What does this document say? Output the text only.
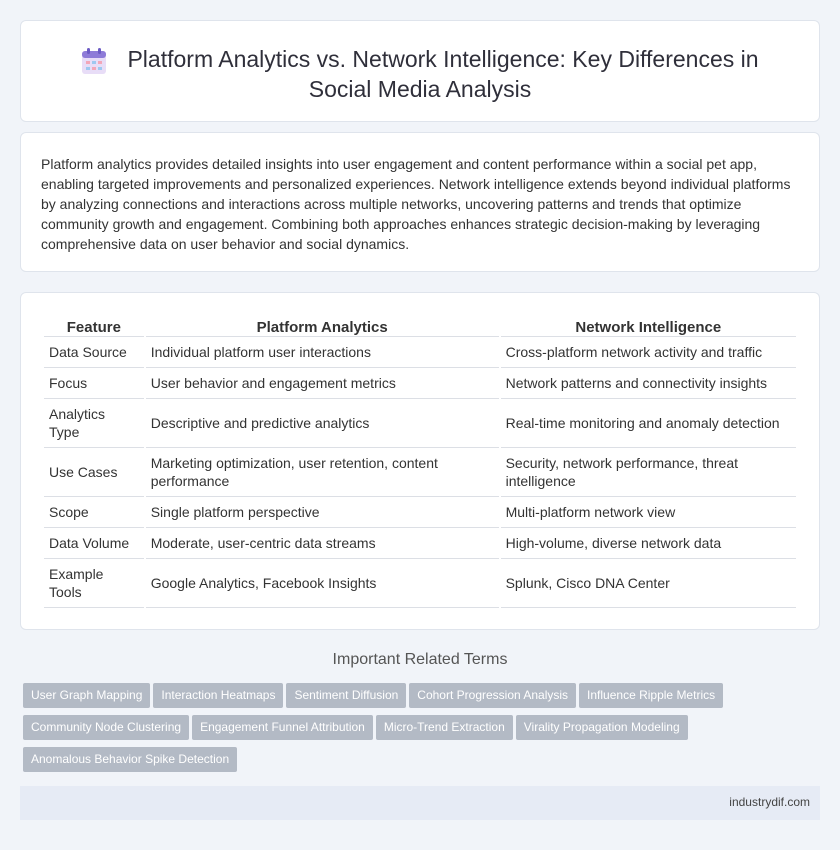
Platform Analytics vs. Network Intelligence: Key Differences in Social Media Analysis

Platform analytics provides detailed insights into user engagement and content performance within a social pet app, enabling targeted improvements and personalized experiences. Network intelligence extends beyond individual platforms by analyzing connections and interactions across multiple networks, uncovering patterns and trends that optimize community growth and engagement. Combining both approaches enhances strategic decision-making by leveraging comprehensive data on user behavior and social dynamics.

Feature	Platform Analytics	Network Intelligence
Data Source	Individual platform user interactions	Cross-platform network activity and traffic
Focus	User behavior and engagement metrics	Network patterns and connectivity insights
Analytics Type	Descriptive and predictive analytics	Real-time monitoring and anomaly detection
Use Cases	Marketing optimization, user retention, content performance	Security, network performance, threat intelligence
Scope	Single platform perspective	Multi-platform network view
Data Volume	Moderate, user-centric data streams	High-volume, diverse network data
Example Tools	Google Analytics, Facebook Insights	Splunk, Cisco DNA Center
Important Related Terms
User Graph Mapping Interaction Heatmaps Sentiment Diffusion Cohort Progression Analysis Influence Ripple MetricsCommunity Node Clustering Engagement Funnel Attribution Micro-Trend Extraction Virality Propagation ModelingAnomalous Behavior Spike Detection
industrydif.com
